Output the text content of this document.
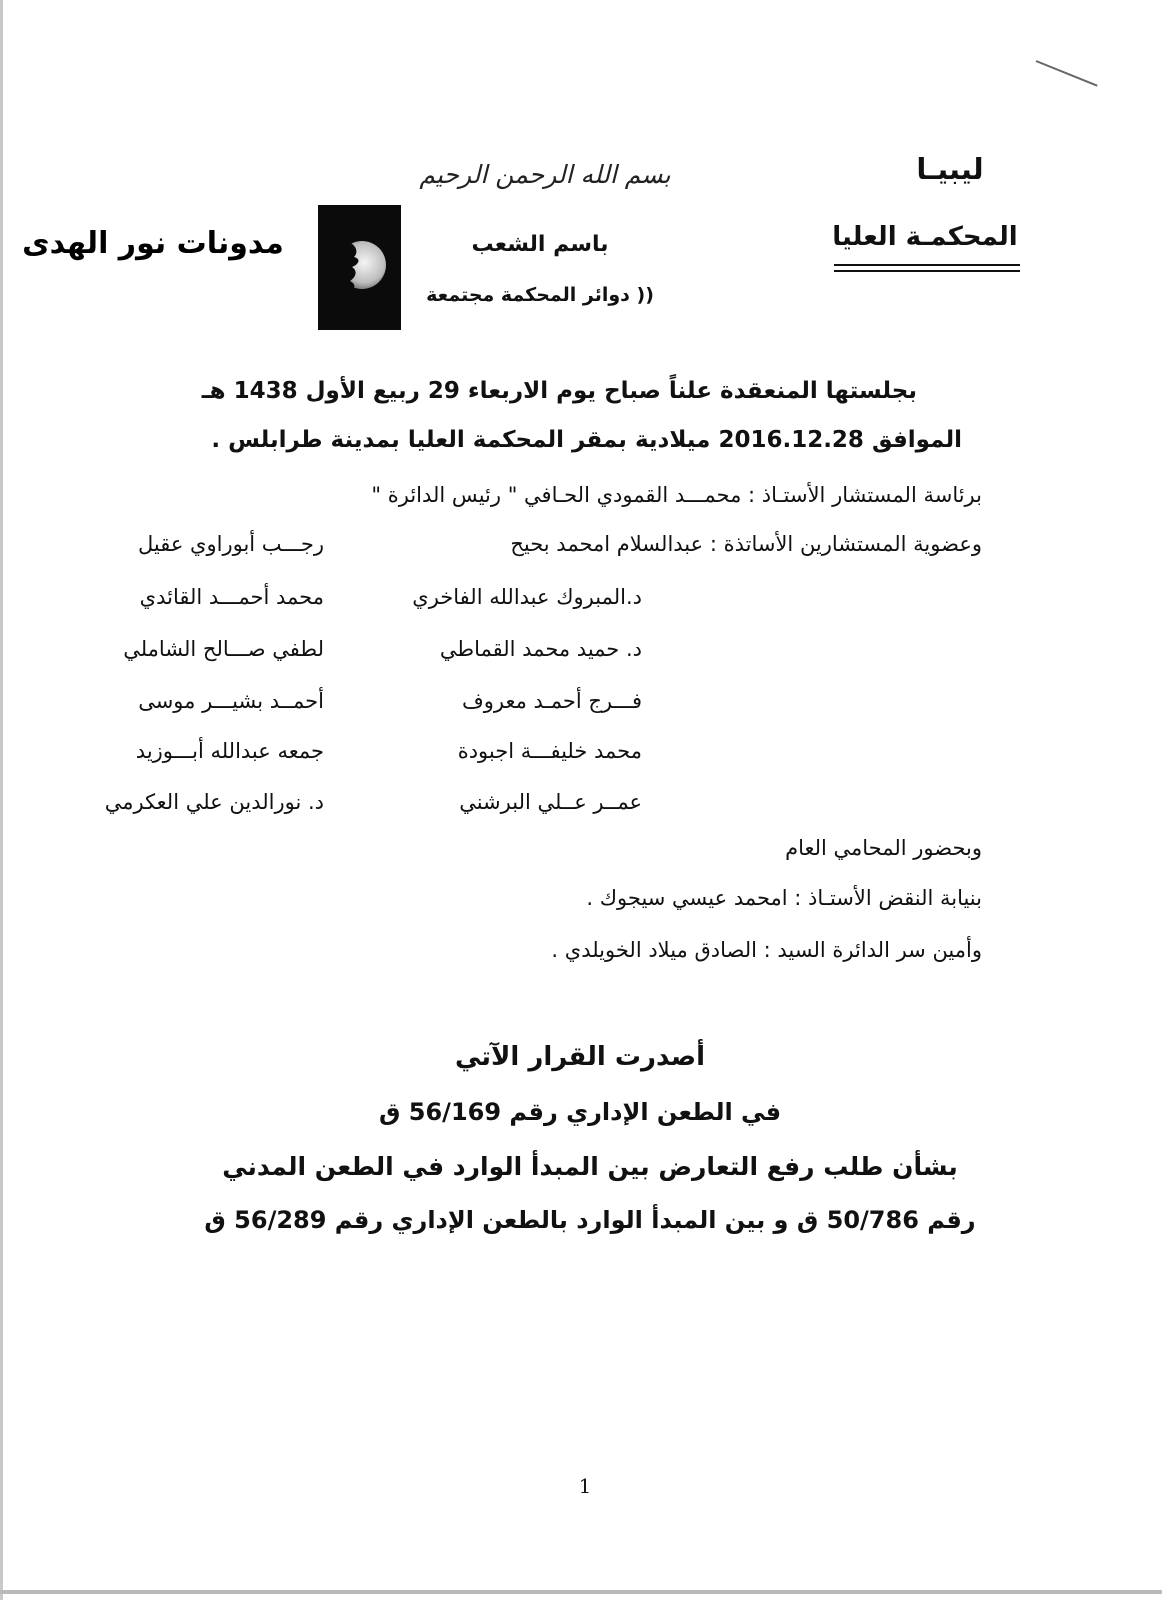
ليبيـا
المحكمـة العليا
بسم الله الرحمن الرحيم
باسم الشعب
(( دوائر المحكمة مجتمعة
مدونات نور الهدى
بجلستها المنعقدة علناً صباح يوم الاربعاء 29 ربيع الأول 1438 هـ
الموافق 2016.12.28 ميلادية بمقر المحكمة العليا بمدينة طرابلس .
برئاسة المستشار الأستـاذ : محمـــد القمودي الحـافي " رئيس الدائرة "
وعضوية المستشارين الأساتذة : عبدالسلام امحمد بحيح
رجـــب أبوراوي عقيل
د.المبروك عبدالله الفاخري
محمد أحمـــد القائدي
د. حميد محمد القماطي
لطفي صـــالح الشاملي
فـــرج أحمـد معروف
أحمــد بشيـــر موسى
محمد خليفـــة اجبودة
جمعه عبدالله أبـــوزيد
عمــر عــلي البرشني
د. نورالدين علي العكرمي
وبحضور المحامي العام
بنيابة النقض الأستـاذ : امحمد عيسي سيجوك .
وأمين سر الدائرة السيد : الصادق ميلاد الخويلدي .
أصدرت القرار الآتي
في الطعن الإداري رقم 56/169 ق
بشأن طلب رفع التعارض بين المبدأ الوارد في الطعن المدني
رقم 50/786 ق و بين المبدأ الوارد بالطعن الإداري رقم 56/289 ق
1
